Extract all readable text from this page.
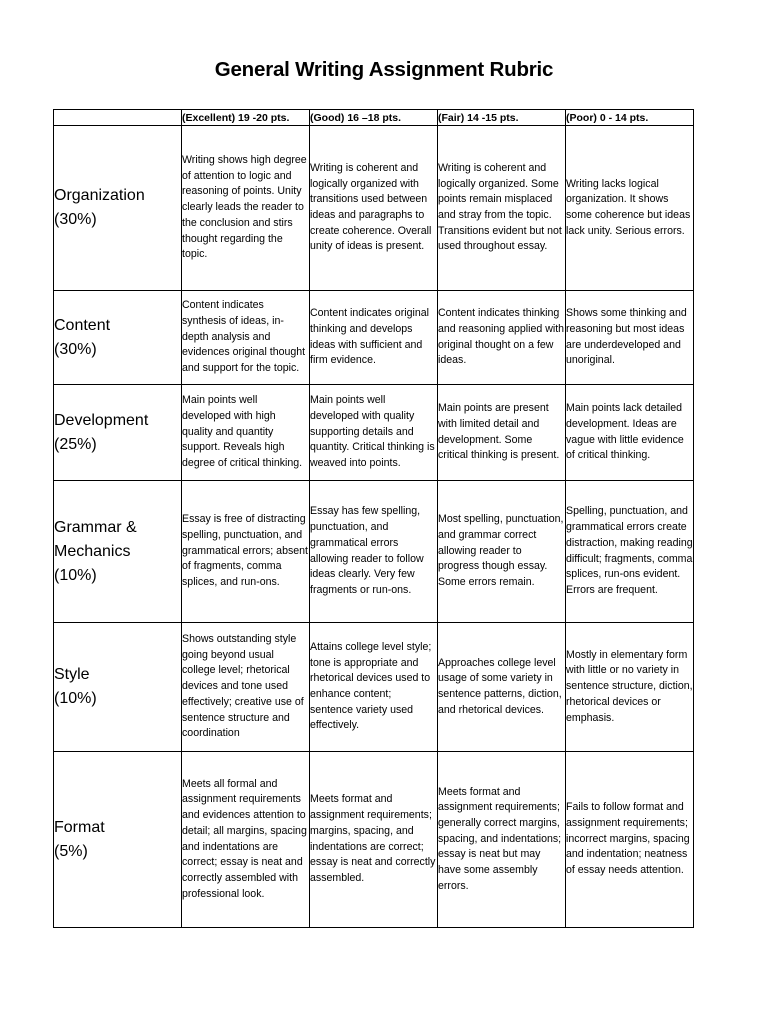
General Writing Assignment Rubric
	(Excellent) 19 -20 pts.	(Good) 16 –18 pts.	(Fair) 14 -15 pts.	(Poor) 0 - 14 pts.

Organization
(30%)	Writing shows high degree of attention to logic and reasoning of points. Unity clearly leads the reader to the conclusion and stirs thought regarding the topic.	Writing is coherent and logically organized with transitions used between ideas and paragraphs to create coherence. Overall unity of ideas is present.	Writing is coherent and logically organized. Some points remain misplaced and stray from the topic. Transitions evident but not used throughout essay.	Writing lacks logical organization. It shows some coherence but ideas lack unity. Serious errors.

Content
(30%)	Content indicates synthesis of ideas, in-depth analysis and evidences original thought and support for the topic.	Content indicates original thinking and develops ideas with sufficient and firm evidence.	Content indicates thinking and reasoning applied with original thought on a few ideas.	Shows some thinking and reasoning but most ideas are underdeveloped and unoriginal.

Development
(25%)	Main points well developed with high quality and quantity support. Reveals high degree of critical thinking.	Main points well developed with quality supporting details and quantity. Critical thinking is weaved into points.	Main points are present with limited detail and development. Some critical thinking is present.	Main points lack detailed development. Ideas are vague with little evidence of critical thinking.

Grammar &
Mechanics
(10%)	Essay is free of distracting spelling, punctuation, and grammatical errors; absent of fragments, comma splices, and run-ons.	Essay has few spelling, punctuation, and grammatical errors allowing reader to follow ideas clearly. Very few fragments or run-ons.	Most spelling, punctuation, and grammar correct allowing reader to progress though essay. Some errors remain.	Spelling, punctuation, and grammatical errors create distraction, making reading difficult; fragments, comma splices, run-ons evident. Errors are frequent.

Style
(10%)	Shows outstanding style going beyond usual college level; rhetorical devices and tone used effectively; creative use of sentence structure and coordination	Attains college level style; tone is appropriate and rhetorical devices used to enhance content; sentence variety used effectively.	Approaches college level usage of some variety in sentence patterns, diction, and rhetorical devices.	Mostly in elementary form with little or no variety in sentence structure, diction, rhetorical devices or emphasis.

Format
(5%)	Meets all formal and assignment requirements and evidences attention to detail; all margins, spacing and indentations are correct; essay is neat and correctly assembled with professional look.	Meets format and assignment requirements; margins, spacing, and indentations are correct; essay is neat and correctly assembled.	Meets format and assignment requirements; generally correct margins, spacing, and indentations; essay is neat but may have some assembly errors.	Fails to follow format and assignment requirements; incorrect margins, spacing and indentation; neatness of essay needs attention.
